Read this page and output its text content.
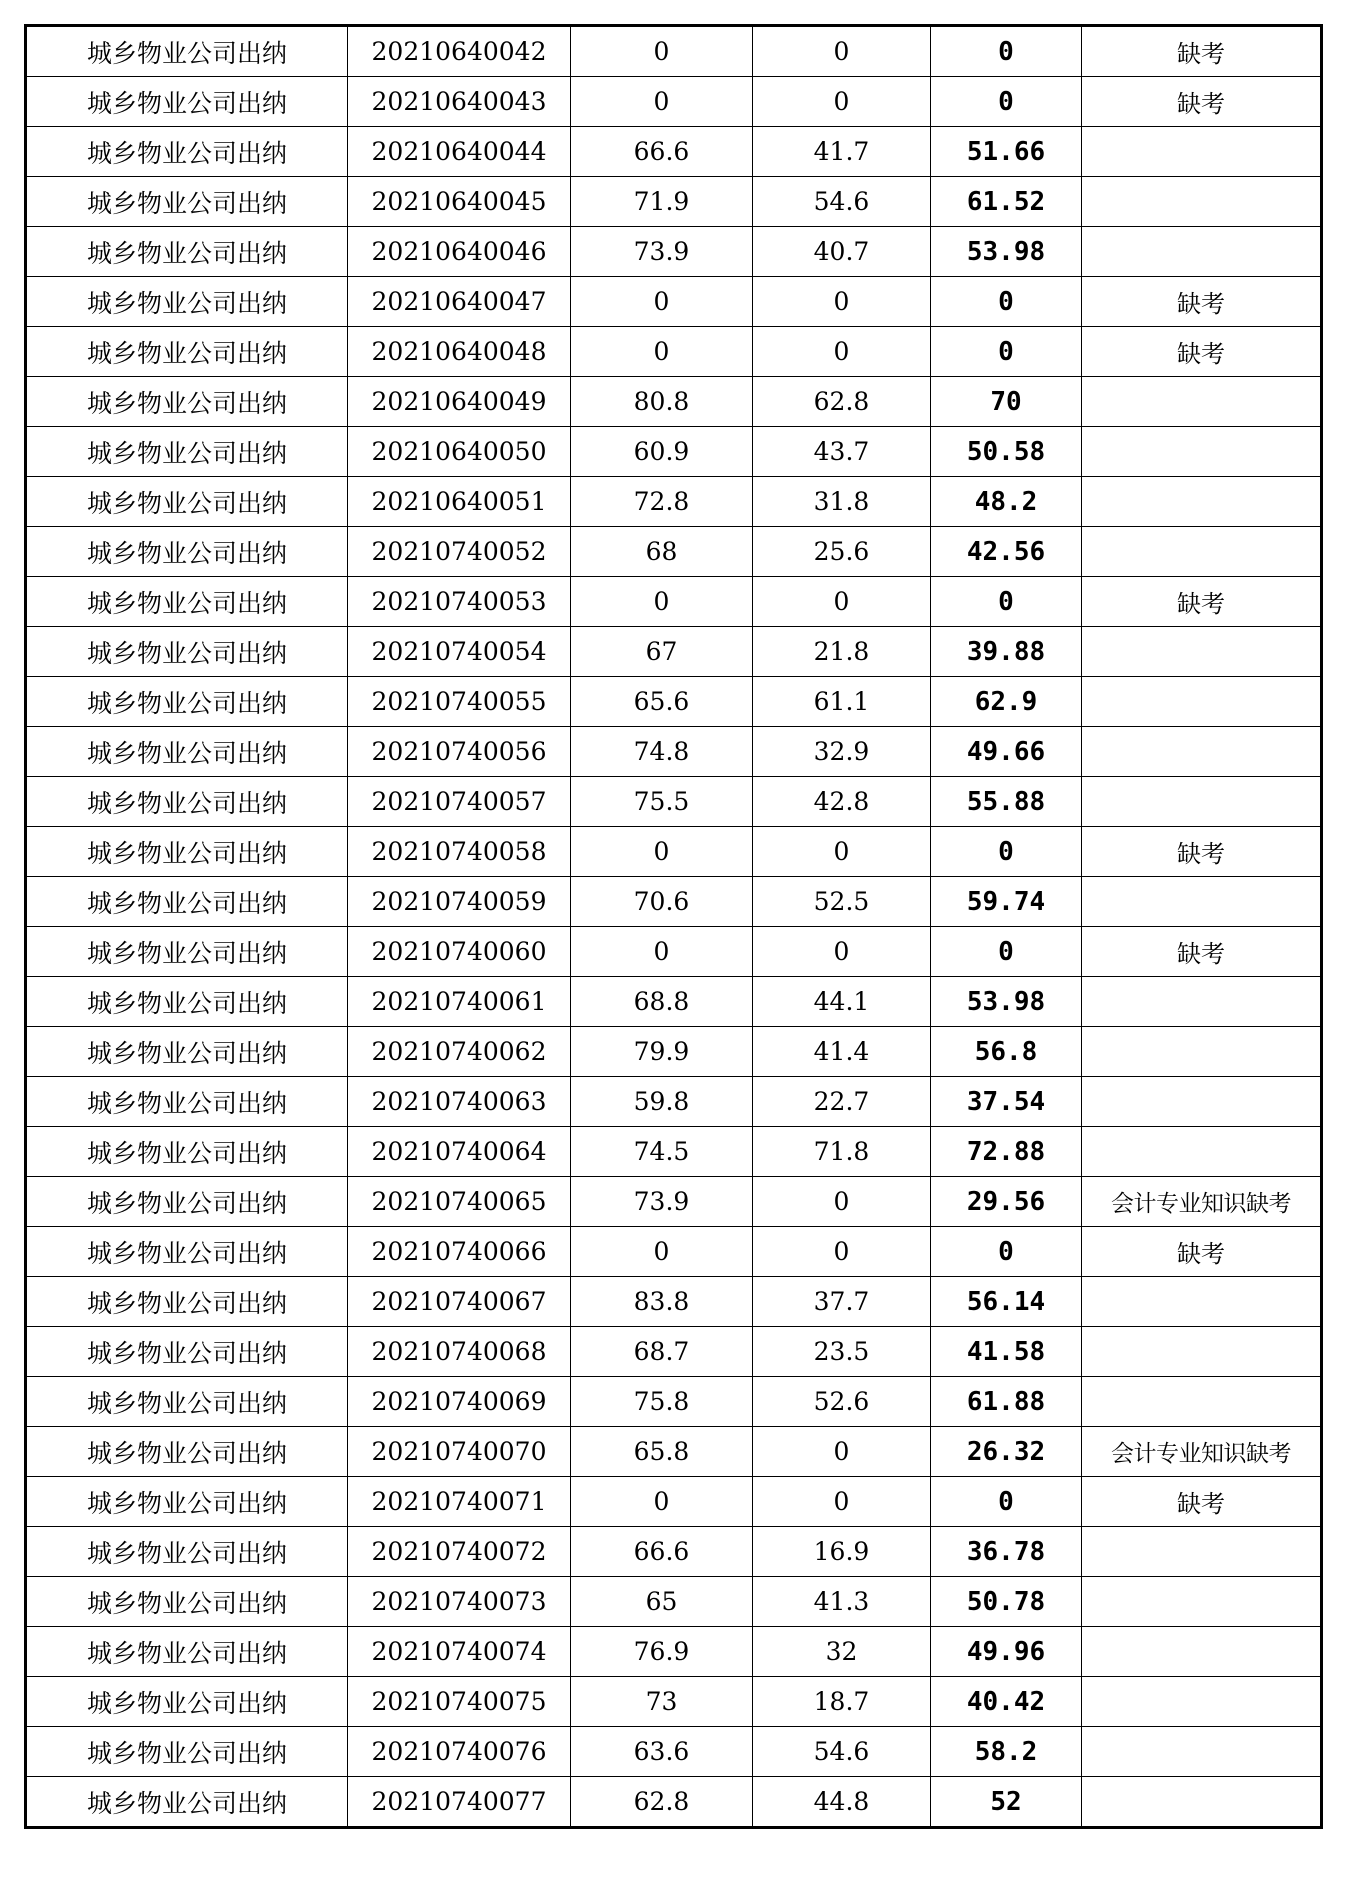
城乡物业公司出纳	20210640042	0	0	0	缺考
城乡物业公司出纳	20210640043	0	0	0	缺考
城乡物业公司出纳	20210640044	66.6	41.7	51.66	
城乡物业公司出纳	20210640045	71.9	54.6	61.52	
城乡物业公司出纳	20210640046	73.9	40.7	53.98	
城乡物业公司出纳	20210640047	0	0	0	缺考
城乡物业公司出纳	20210640048	0	0	0	缺考
城乡物业公司出纳	20210640049	80.8	62.8	70	
城乡物业公司出纳	20210640050	60.9	43.7	50.58	
城乡物业公司出纳	20210640051	72.8	31.8	48.2	
城乡物业公司出纳	20210740052	68	25.6	42.56	
城乡物业公司出纳	20210740053	0	0	0	缺考
城乡物业公司出纳	20210740054	67	21.8	39.88	
城乡物业公司出纳	20210740055	65.6	61.1	62.9	
城乡物业公司出纳	20210740056	74.8	32.9	49.66	
城乡物业公司出纳	20210740057	75.5	42.8	55.88	
城乡物业公司出纳	20210740058	0	0	0	缺考
城乡物业公司出纳	20210740059	70.6	52.5	59.74	
城乡物业公司出纳	20210740060	0	0	0	缺考
城乡物业公司出纳	20210740061	68.8	44.1	53.98	
城乡物业公司出纳	20210740062	79.9	41.4	56.8	
城乡物业公司出纳	20210740063	59.8	22.7	37.54	
城乡物业公司出纳	20210740064	74.5	71.8	72.88	
城乡物业公司出纳	20210740065	73.9	0	29.56	会计专业知识缺考
城乡物业公司出纳	20210740066	0	0	0	缺考
城乡物业公司出纳	20210740067	83.8	37.7	56.14	
城乡物业公司出纳	20210740068	68.7	23.5	41.58	
城乡物业公司出纳	20210740069	75.8	52.6	61.88	
城乡物业公司出纳	20210740070	65.8	0	26.32	会计专业知识缺考
城乡物业公司出纳	20210740071	0	0	0	缺考
城乡物业公司出纳	20210740072	66.6	16.9	36.78	
城乡物业公司出纳	20210740073	65	41.3	50.78	
城乡物业公司出纳	20210740074	76.9	32	49.96	
城乡物业公司出纳	20210740075	73	18.7	40.42	
城乡物业公司出纳	20210740076	63.6	54.6	58.2	
城乡物业公司出纳	20210740077	62.8	44.8	52	
